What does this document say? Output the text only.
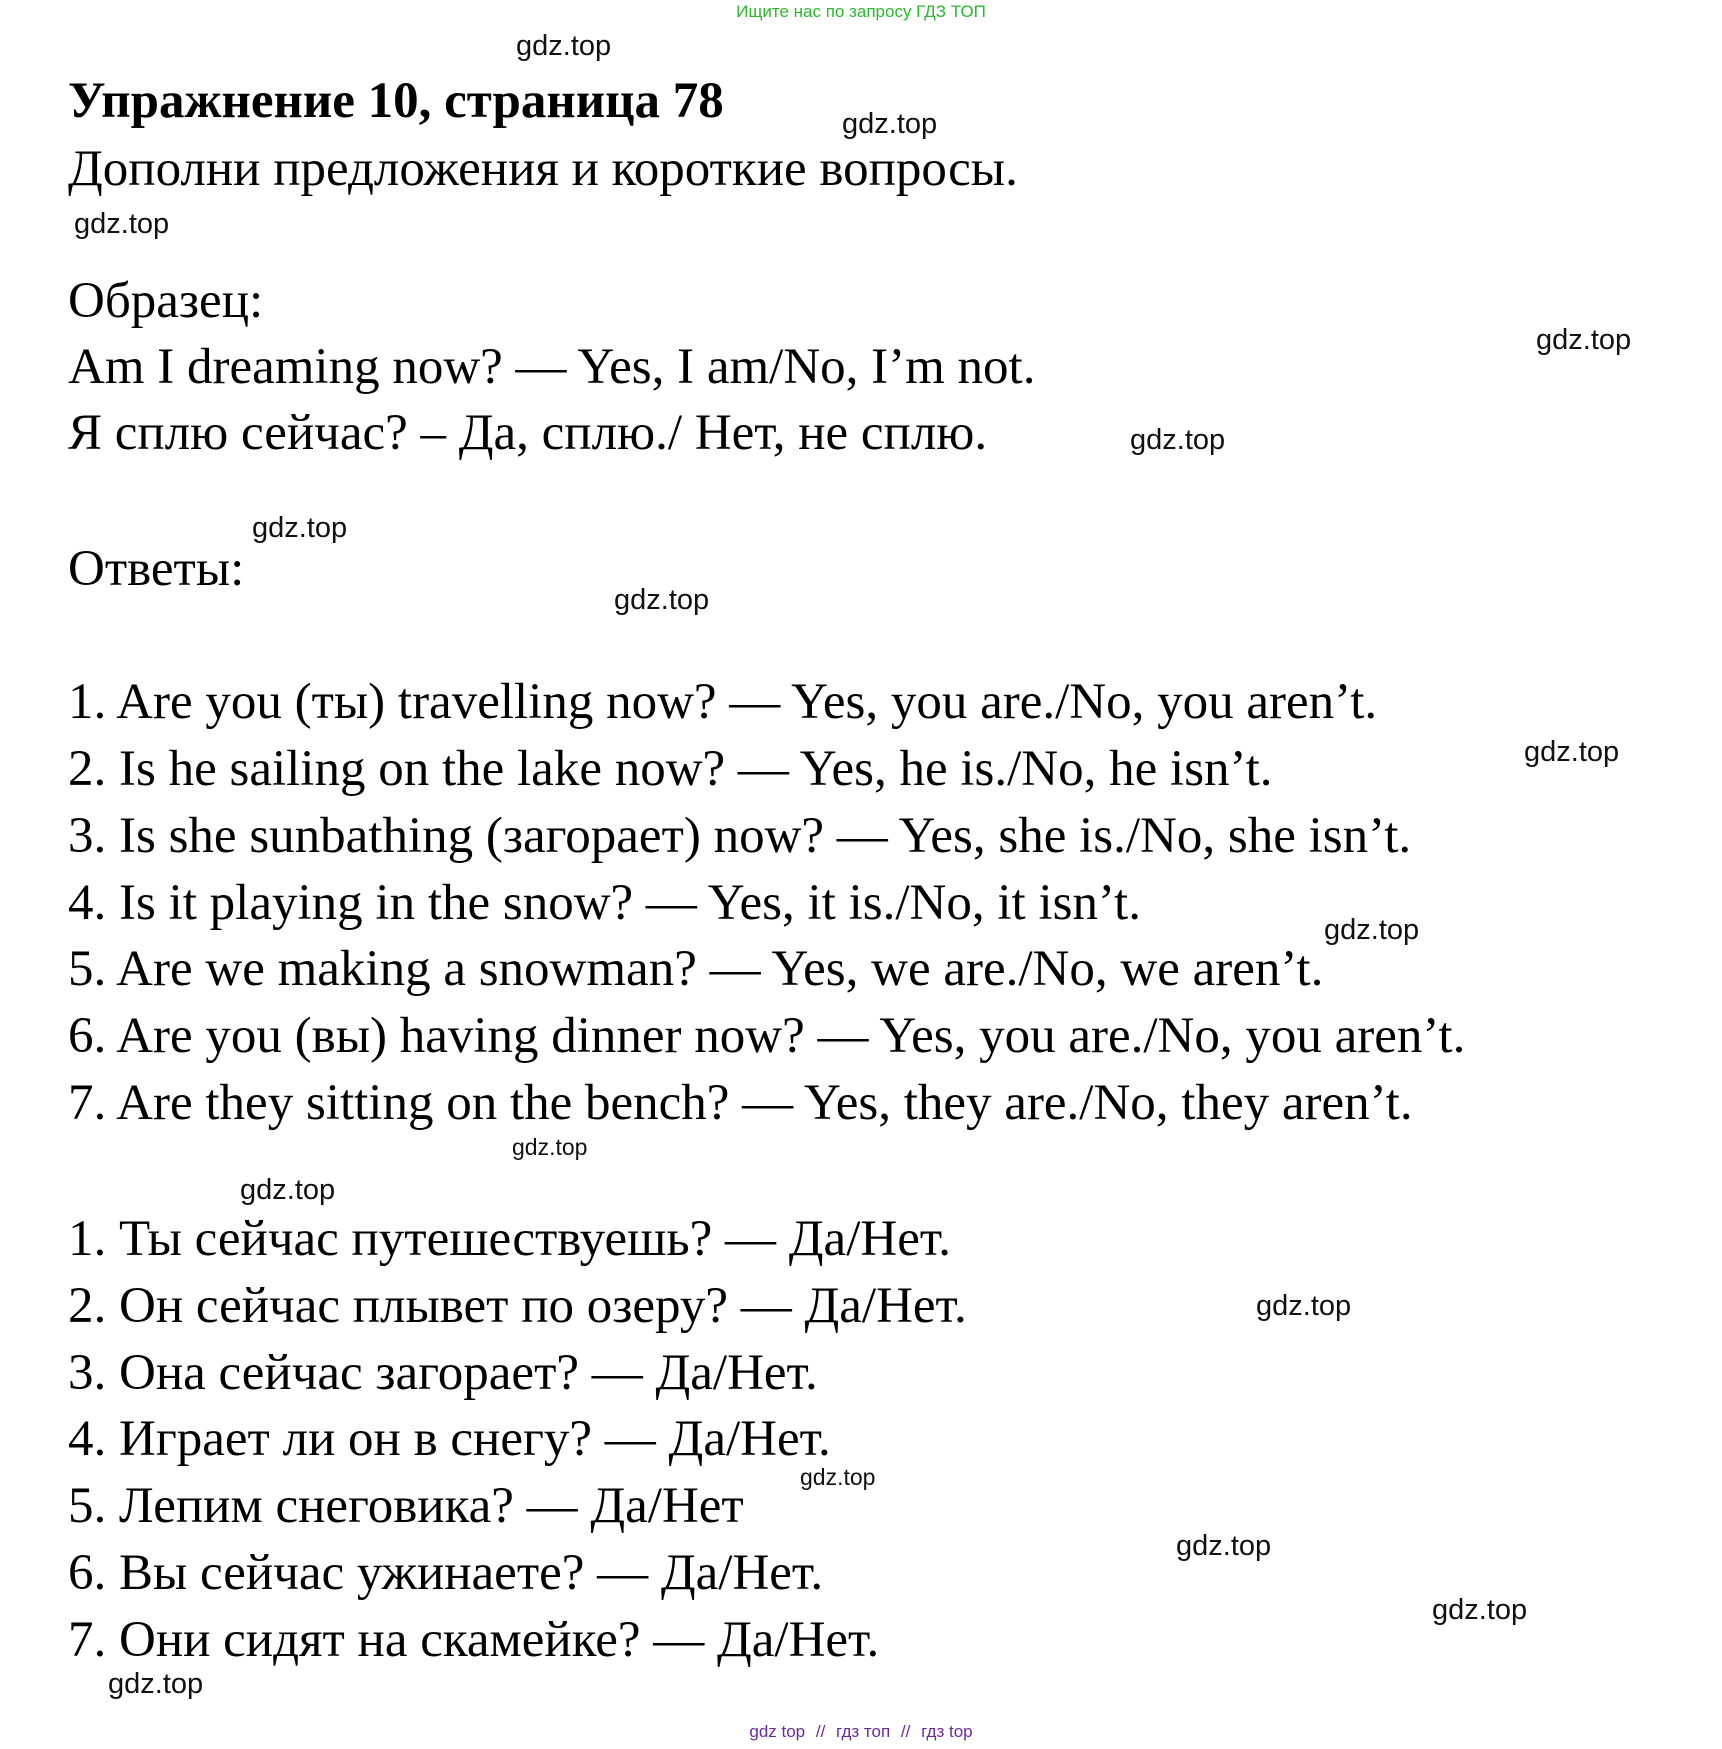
Ищите нас по запросу ГДЗ ТОП
Упражнение 10, страница 78
Дополни предложения и короткие вопросы.
Образец:
Am I dreaming now? — Yes, I am/No, I’m not.
Я сплю сейчас? – Да, сплю./ Нет, не сплю.
Ответы:
1. Are you (ты) travelling now? — Yes, you are./No, you aren’t.
2. Is he sailing on the lake now? — Yes, he is./No, he isn’t.
3. Is she sunbathing (загорает) now? — Yes, she is./No, she isn’t.
4. Is it playing in the snow? — Yes, it is./No, it isn’t.
5. Are we making a snowman? — Yes, we are./No, we aren’t.
6. Are you (вы) having dinner now? — Yes, you are./No, you aren’t.
7. Are they sitting on the bench? — Yes, they are./No, they aren’t.
1. Ты сейчас путешествуешь? — Да/Нет.
2. Он сейчас плывет по озеру? — Да/Нет.
3. Она сейчас загорает? — Да/Нет.
4. Играет ли он в снегу? — Да/Нет.
5. Лепим снеговика? — Да/Нет
6. Вы сейчас ужинаете? — Да/Нет.
7. Они сидят на скамейке? — Да/Нет.
gdz.top
gdz.top
gdz.top
gdz.top
gdz.top
gdz.top
gdz.top
gdz.top
gdz.top
gdz.top
gdz.top
gdz.top
gdz.top
gdz.top
gdz.top
gdz.top
gdz top // гдз топ // гдз top
